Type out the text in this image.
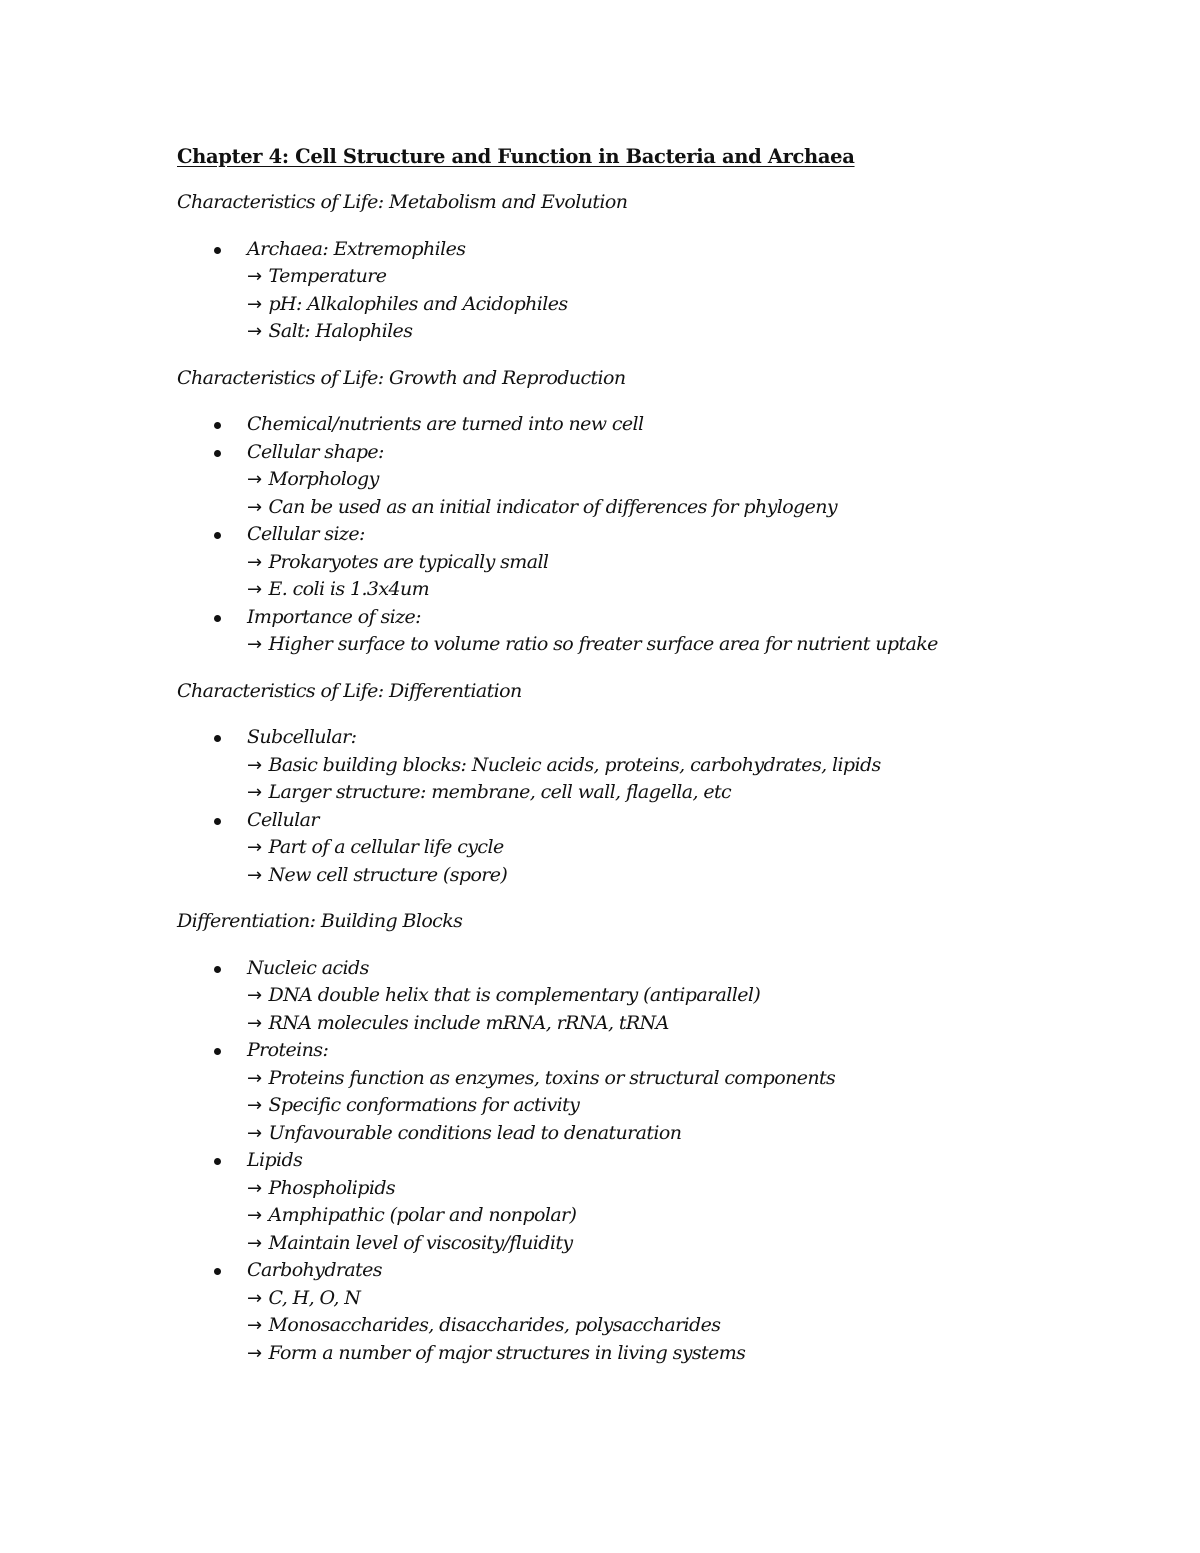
Chapter 4: Cell Structure and Function in Bacteria and Archaea
Characteristics of Life: Metabolism and Evolution
Archaea: Extremophiles
→ Temperature
→ pH: Alkalophiles and Acidophiles
→ Salt: Halophiles
Characteristics of Life: Growth and Reproduction
Chemical/nutrients are turned into new cell
Cellular shape:
→ Morphology
→ Can be used as an initial indicator of differences for phylogeny
Cellular size:
→ Prokaryotes are typically small
→ E. coli is 1.3x4um
Importance of size:
→ Higher surface to volume ratio so freater surface area for nutrient uptake
Characteristics of Life: Differentiation
Subcellular:
→ Basic building blocks: Nucleic acids, proteins, carbohydrates, lipids
→ Larger structure: membrane, cell wall, flagella, etc
Cellular
→ Part of a cellular life cycle
→ New cell structure (spore)
Differentiation: Building Blocks
Nucleic acids
→ DNA double helix that is complementary (antiparallel)
→ RNA molecules include mRNA, rRNA, tRNA
Proteins:
→ Proteins function as enzymes, toxins or structural components
→ Specific conformations for activity
→ Unfavourable conditions lead to denaturation
Lipids
→ Phospholipids
→ Amphipathic (polar and nonpolar)
→ Maintain level of viscosity/fluidity
Carbohydrates
→ C, H, O, N
→ Monosaccharides, disaccharides, polysaccharides
→ Form a number of major structures in living systems
